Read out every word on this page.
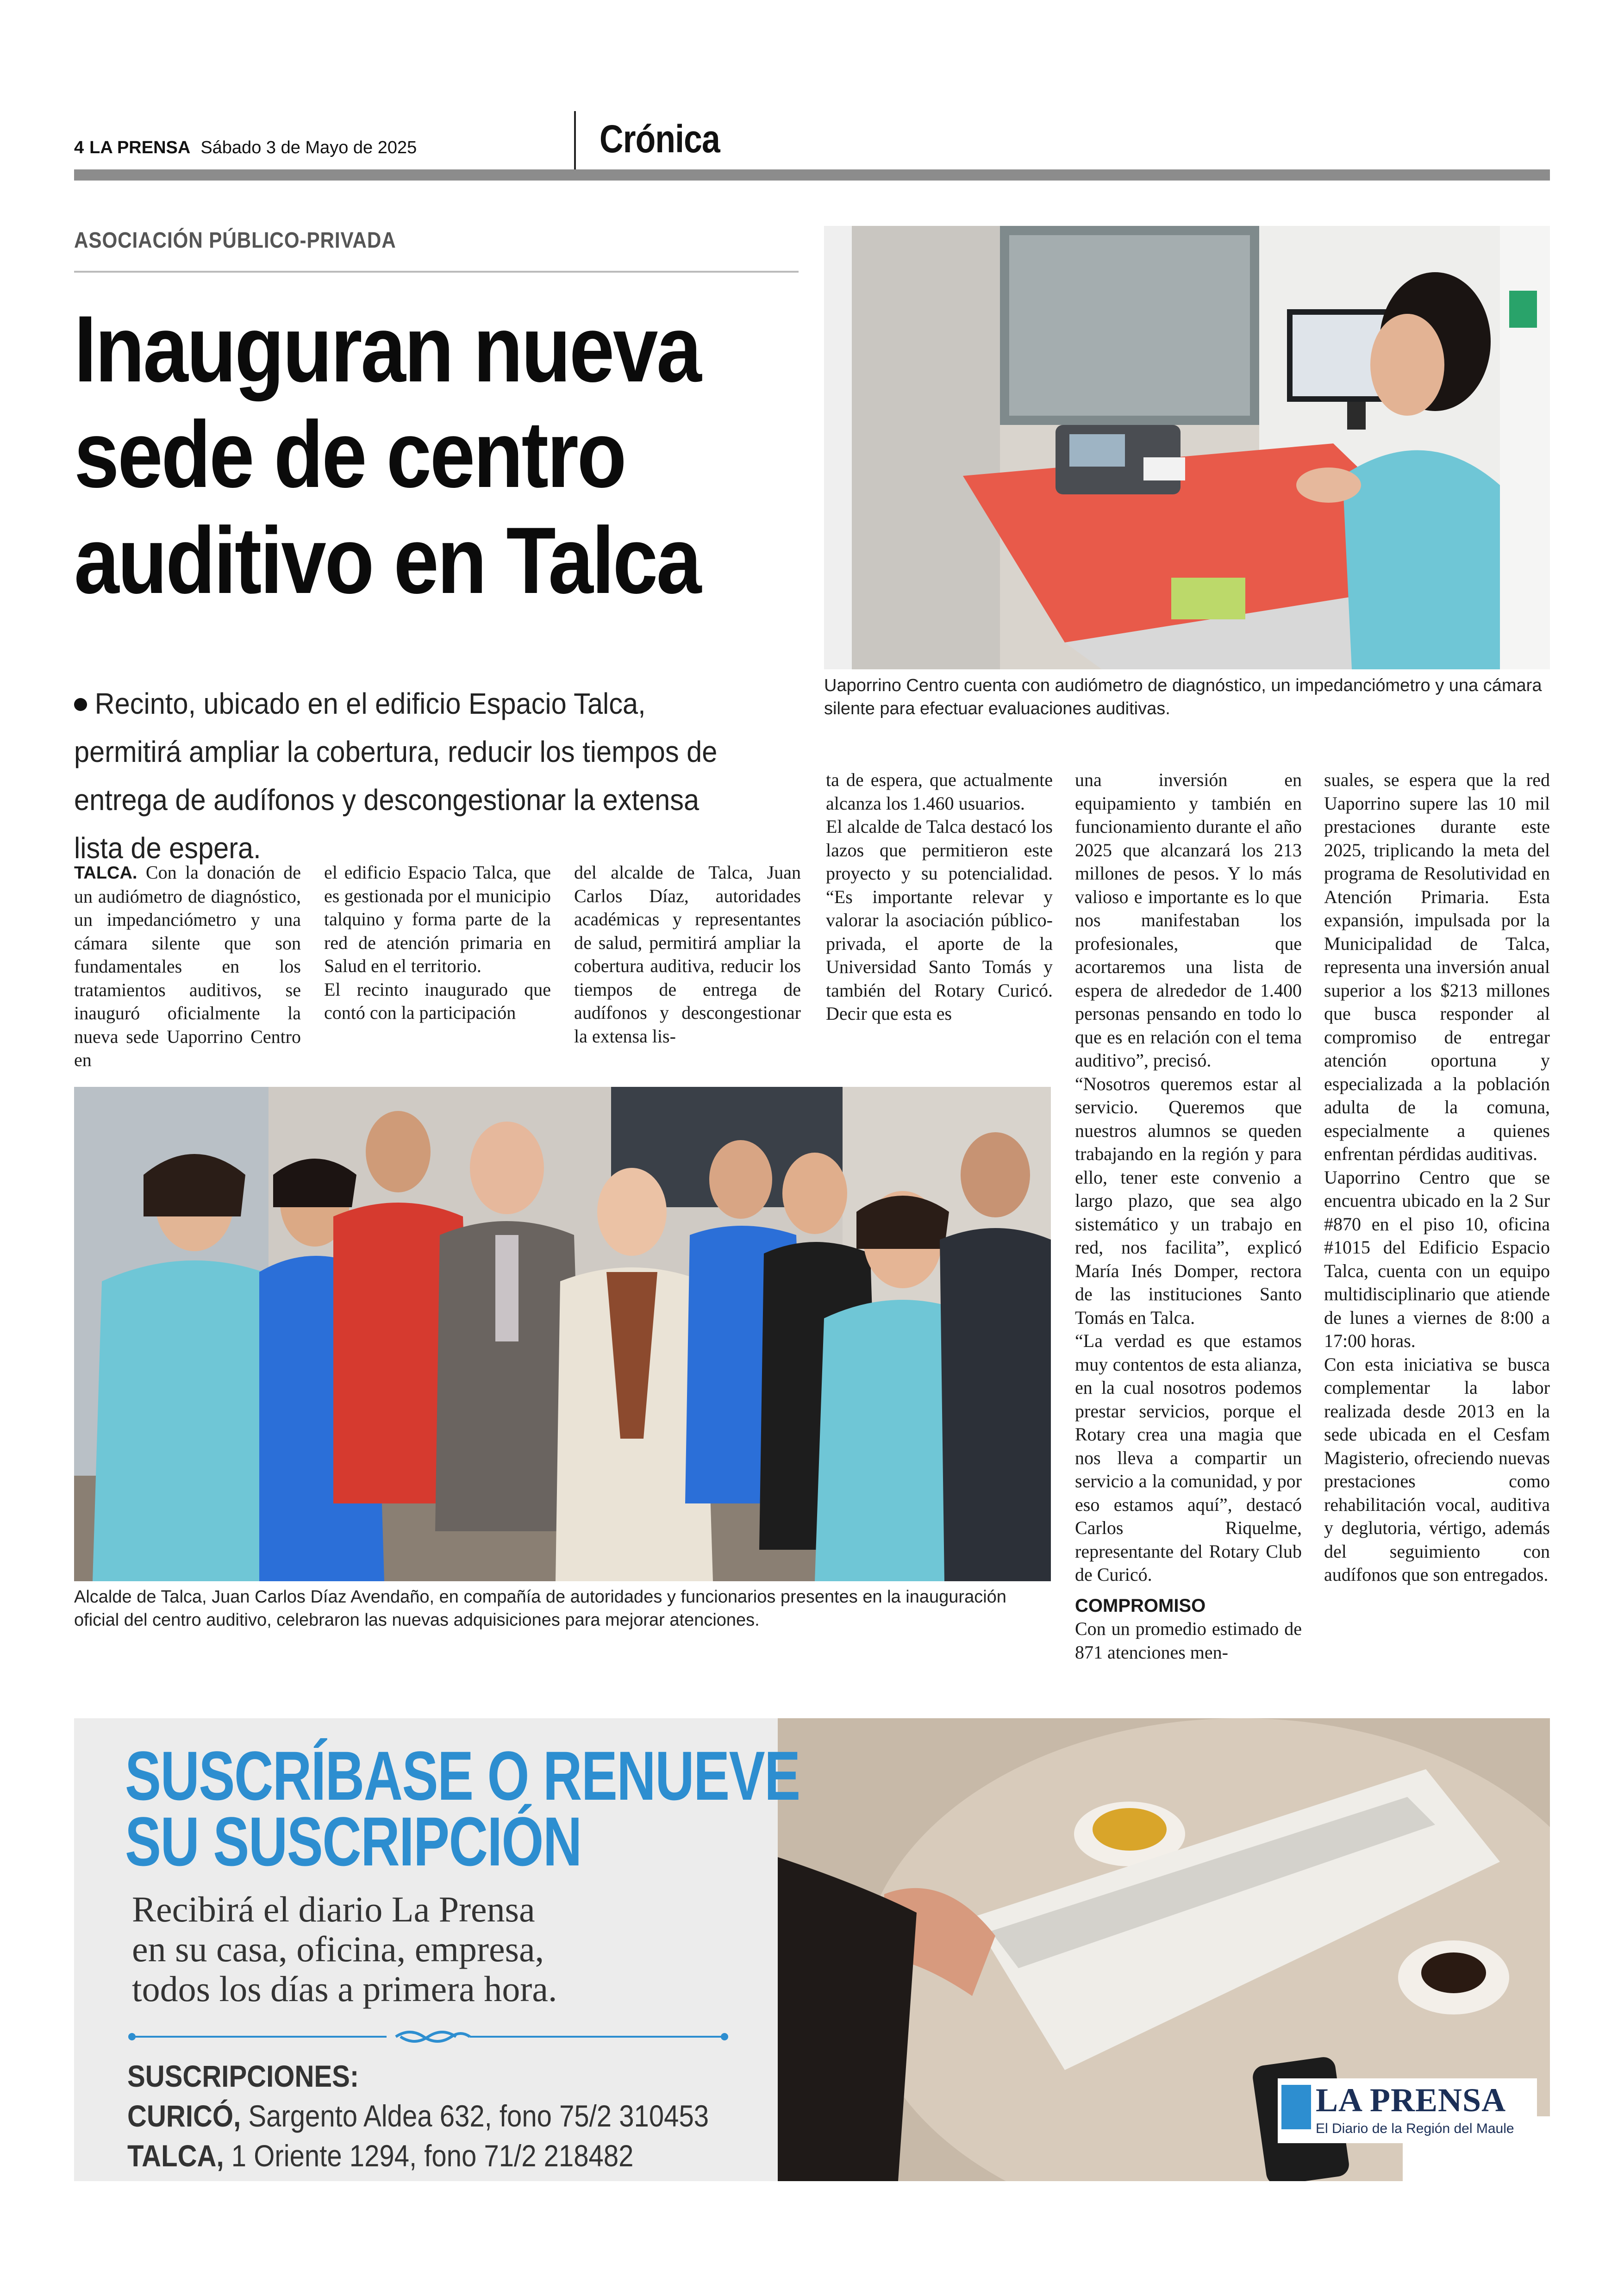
4 LA PRENSA Sábado 3 de Mayo de 2025	Crónica
ASOCIACIÓN PÚBLICO-PRIVADA
Inauguran nueva
sede de centro
auditivo en Talca
Recinto, ubicado en el edificio Espacio Talca, permitirá ampliar la cobertura, reducir los tiempos de entrega de audífonos y descongestionar la extensa lista de espera.
Uaporrino Centro cuenta con audiómetro de diagnóstico, un impedanciómetro y una cámara silente para efectuar evaluaciones auditivas.

TALCA. Con la donación de un audiómetro de diagnóstico, un impedanciómetro y una cámara silente que son fundamentales en los tratamientos auditivos, se inauguró oficialmente la nueva sede Uaporrino Centro en

el edificio Espacio Talca, que es gestionada por el municipio talquino y forma parte de la red de atención primaria en Salud en el territorio.

El recinto inaugurado que contó con la participación

del alcalde de Talca, Juan Carlos Díaz, autoridades académicas y representantes de salud, permitirá ampliar la cobertura auditiva, reducir los tiempos de entrega de audífonos y descongestionar la extensa lis-

ta de espera, que actualmente alcanza los 1.460 usuarios.

El alcalde de Talca destacó los lazos que permitieron este proyecto y su potencialidad. “Es importante relevar y valorar la asociación público-privada, el aporte de la Universidad Santo Tomás y también del Rotary Curicó. Decir que esta es

una inversión en equipamiento y también en funcionamiento durante el año 2025 que alcanzará los 213 millones de pesos. Y lo más valioso e importante es lo que nos manifestaban los profesionales, que acortaremos una lista de espera de alrededor de 1.400 personas pensando en todo lo que es en relación con el tema auditivo”, precisó.

“Nosotros queremos estar al servicio. Queremos que nuestros alumnos se queden trabajando en la región y para ello, tener este convenio a largo plazo, que sea algo sistemático y un trabajo en red, nos facilita”, explicó María Inés Domper, rectora de las instituciones Santo Tomás en Talca.

“La verdad es que estamos muy contentos de esta alianza, en la cual nosotros podemos prestar servicios, porque el Rotary crea una magia que nos lleva a compartir un servicio a la comunidad, y por eso estamos aquí”, destacó Carlos Riquelme, representante del Rotary Club de Curicó.

COMPROMISO

Con un promedio estimado de 871 atenciones men-

suales, se espera que la red Uaporrino supere las 10 mil prestaciones durante este 2025, triplicando la meta del programa de Resolutividad en Atención Primaria. Esta expansión, impulsada por la Municipalidad de Talca, representa una inversión anual superior a los $213 millones que busca responder al compromiso de entregar atención oportuna y especializada a la población adulta de la comuna, especialmente a quienes enfrentan pérdidas auditivas.

Uaporrino Centro que se encuentra ubicado en la 2 Sur #870 en el piso 10, oficina #1015 del Edificio Espacio Talca, cuenta con un equipo multidisciplinario que atiende de lunes a viernes de 8:00 a 17:00 horas.

Con esta iniciativa se busca complementar la labor realizada desde 2013 en la sede ubicada en el Cesfam Magisterio, ofreciendo nuevas prestaciones como rehabilitación vocal, auditiva y deglutoria, vértigo, además del seguimiento con audífonos que son entregados.

Alcalde de Talca, Juan Carlos Díaz Avendaño, en compañía de autoridades y funcionarios presentes en la inauguración oficial del centro auditivo, celebraron las nuevas adquisiciones para mejorar atenciones.
SUSCRÍBASE O RENUEVE
SU SUSCRIPCIÓN
Recibirá el diario La Prensa
en su casa, oficina, empresa,
todos los días a primera hora.
SUSCRIPCIONES:
CURICÓ, Sargento Aldea 632, fono 75/2 310453
TALCA, 1 Oriente 1294, fono 71/2 218482
LA PRENSA
El Diario de la Región del Maule
